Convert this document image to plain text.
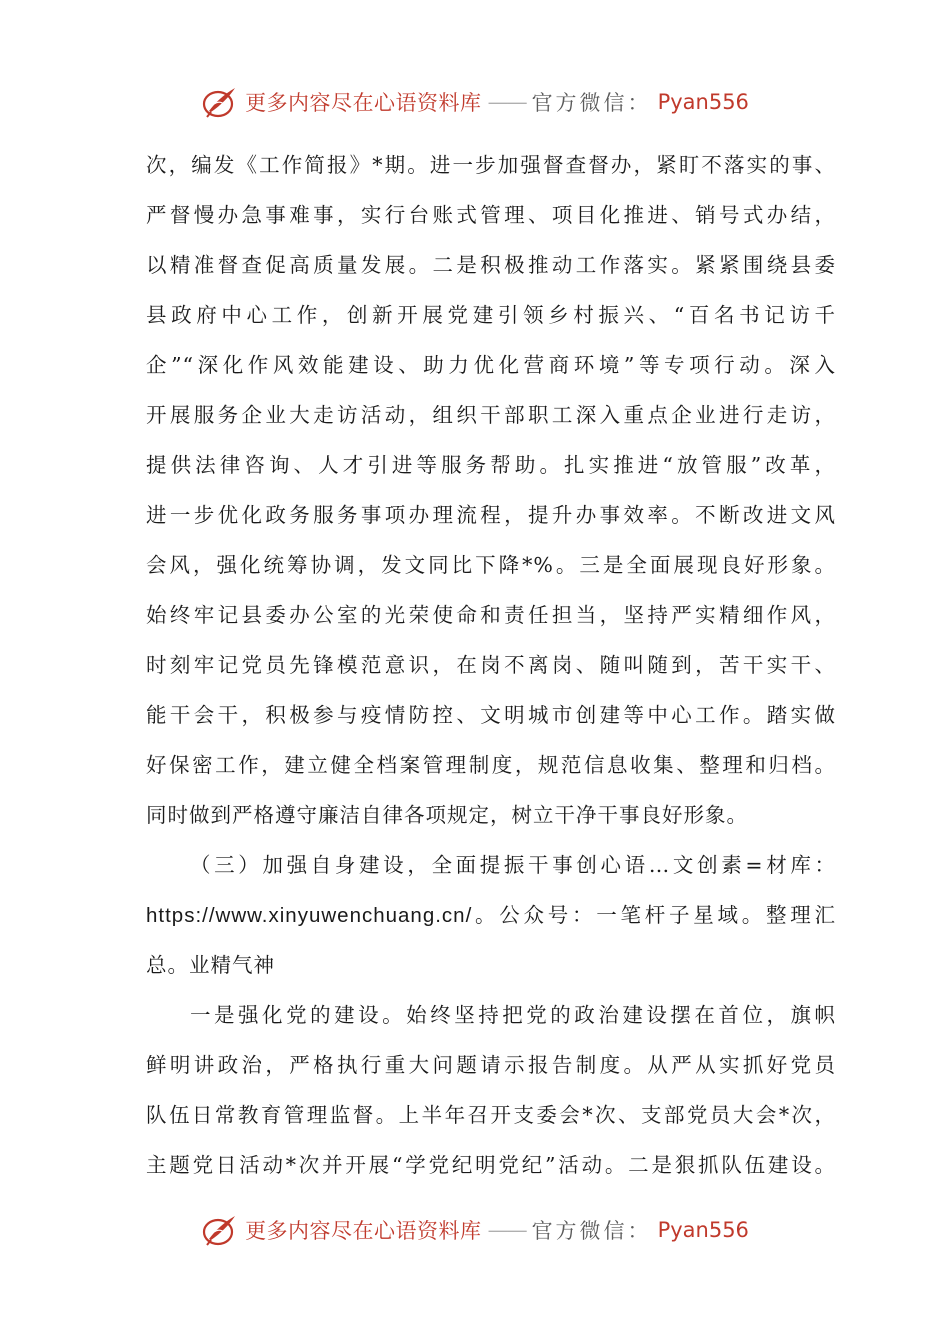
更多内容尽在心语资料库 —— 官方微信： Pyan556
次，编发《工作简报》*期。进一步加强督查督办，紧盯不落实的事、
严督慢办急事难事，实行台账式管理、项目化推进、销号式办结，
以精准督查促高质量发展。二是积极推动工作落实。紧紧围绕县委
县政府中心工作，创新开展党建引领乡村振兴、“百名书记访千
企”“深化作风效能建设、助力优化营商环境”等专项行动。深入
开展服务企业大走访活动，组织干部职工深入重点企业进行走访，
提供法律咨询、人才引进等服务帮助。扎实推进“放管服”改革，
进一步优化政务服务事项办理流程，提升办事效率。不断改进文风
会风，强化统筹协调，发文同比下降*%。三是全面展现良好形象。
始终牢记县委办公室的光荣使命和责任担当，坚持严实精细作风，
时刻牢记党员先锋模范意识，在岗不离岗、随叫随到，苦干实干、
能干会干，积极参与疫情防控、文明城市创建等中心工作。踏实做
好保密工作，建立健全档案管理制度，规范信息收集、整理和归档。
同时做到严格遵守廉洁自律各项规定，树立干净干事良好形象。
（三）加强自身建设，全面提振干事创心语…文创素=材库：
https://www.xinyuwenchuang.cn/。公众号：一笔杆子星域。整理汇
总。业精气神
一是强化党的建设。始终坚持把党的政治建设摆在首位，旗帜
鲜明讲政治，严格执行重大问题请示报告制度。从严从实抓好党员
队伍日常教育管理监督。上半年召开支委会*次、支部党员大会*次，
主题党日活动*次并开展“学党纪明党纪”活动。二是狠抓队伍建设。
更多内容尽在心语资料库 —— 官方微信： Pyan556
